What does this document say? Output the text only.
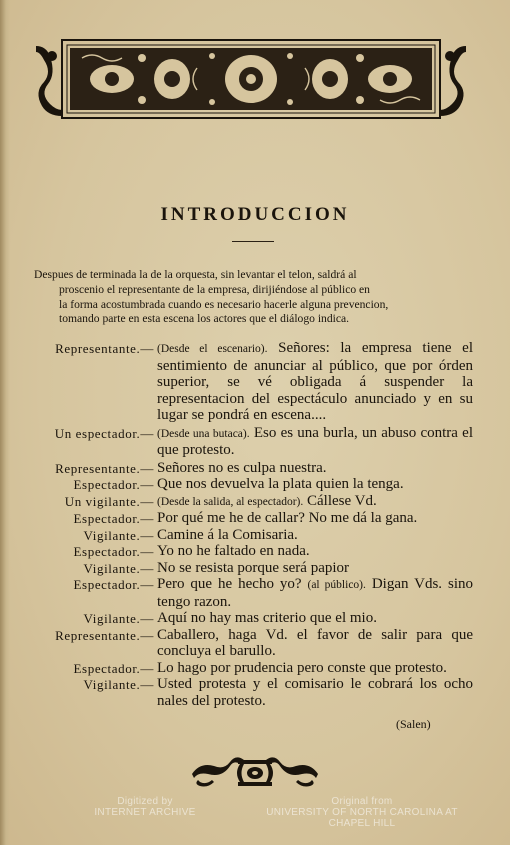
INTRODUCCION
Despues de terminada la de la orquesta, sin levantar el telon, saldrá al
proscenio el representante de la empresa, dirijiéndose al público en
la forma acostumbrada cuando es necesario hacerle alguna prevencion,
tomando parte en esta escena los actores que el diálogo indica.
Representante.— (Desde el escenario). Señores: la empresa tiene el sentimiento de anunciar al público, que por órden superior, se vé obligada á suspender la representacion del espectáculo anunciado y en su lugar se pondrá en escena....
Un espectador.— (Desde una butaca). Eso es una burla, un abuso contra el que protesto.
Representante.— Señores no es culpa nuestra.
Espectador.— Que nos devuelva la plata quien la tenga.
Un vigilante.— (Desde la salida, al espectador). Cállese Vd.
Espectador.— Por qué me he de callar? No me dá la gana.
Vigilante.— Camine á la Comisaria.
Espectador.— Yo no he faltado en nada.
Vigilante.— No se resista porque será papior
Espectador.— Pero que he hecho yo? (al público). Digan Vds. sino tengo razon.
Vigilante.— Aquí no hay mas criterio que el mio.
Representante.— Caballero, haga Vd. el favor de salir para que concluya el barullo.
Espectador.— Lo hago por prudencia pero conste que protesto.
Vigilante.— Usted protesta y el comisario le cobrará los ocho nales del protesto.
(Salen)
Digitized by
INTERNET ARCHIVE
Original from
UNIVERSITY OF NORTH CAROLINA AT
CHAPEL HILL
